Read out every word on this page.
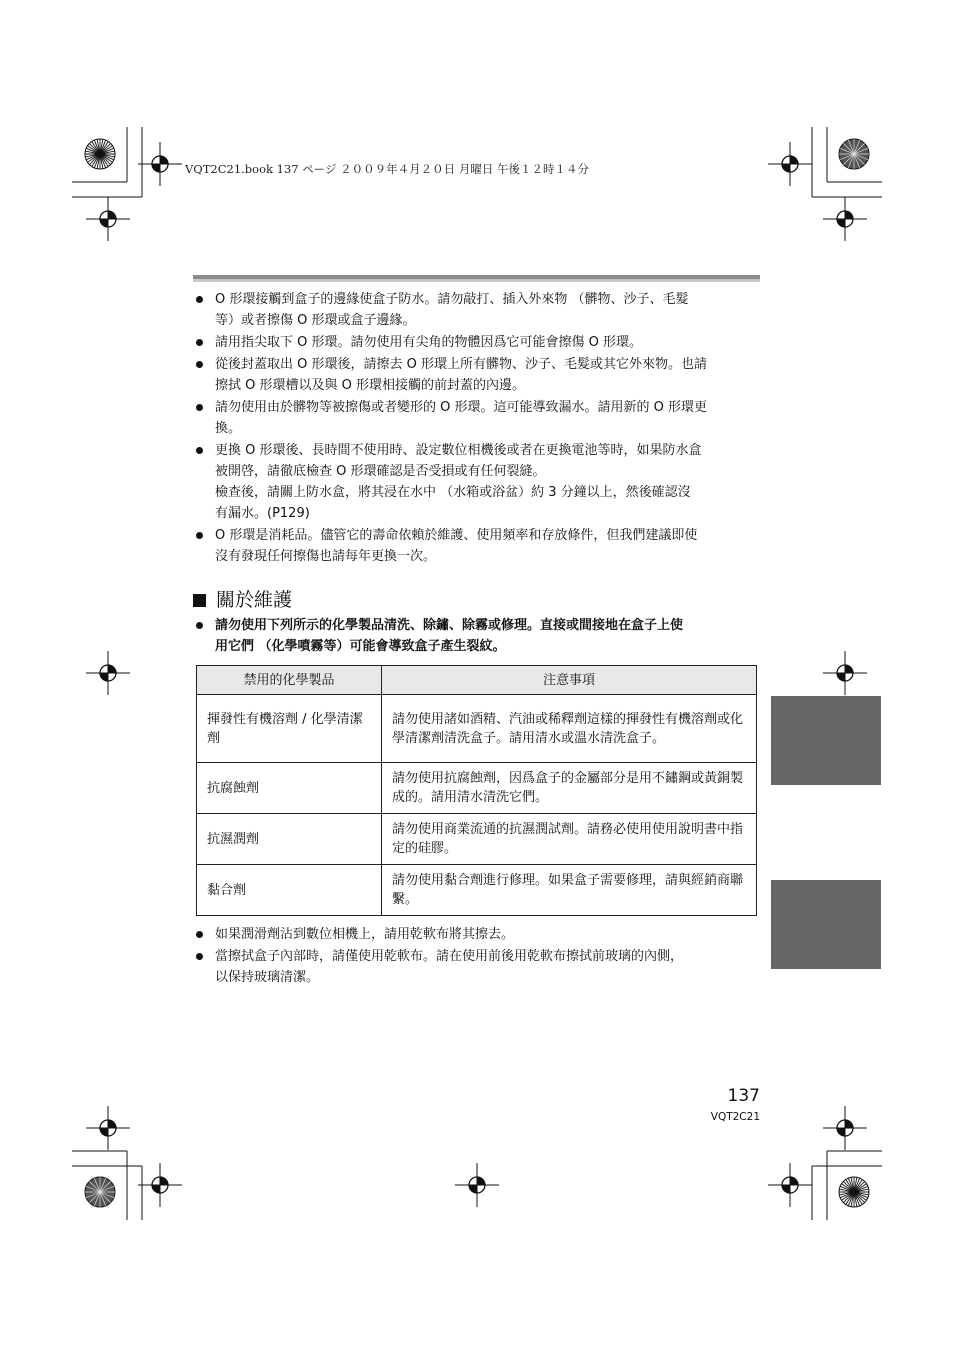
VQT2C21.book 137 ページ ２００９年４月２０日 月曜日 午後１２時１４分
O 形環接觸到盒子的邊緣使盒子防水。請勿敲打、插入外來物 （髒物、沙子、毛髮
等）或者擦傷 O 形環或盒子邊緣。
請用指尖取下 O 形環。請勿使用有尖角的物體因爲它可能會擦傷 O 形環。
從後封蓋取出 O 形環後，請擦去 O 形環上所有髒物、沙子、毛髮或其它外來物。也請
擦拭 O 形環槽以及與 O 形環相接觸的前封蓋的內邊。
請勿使用由於髒物等被擦傷或者變形的 O 形環。這可能導致漏水。請用新的 O 形環更
換。
更換 O 形環後、長時間不使用時、設定數位相機後或者在更換電池等時，如果防水盒
被開啓，請徹底檢查 O 形環確認是否受損或有任何裂縫。
檢查後，請關上防水盒，將其浸在水中 （水箱或浴盆）約 3 分鐘以上，然後確認沒
有漏水。(P129)
O 形環是消耗品。儘管它的壽命依賴於維護、使用頻率和存放條件，但我們建議即使
沒有發現任何擦傷也請每年更換一次。
關於維護
請勿使用下列所示的化學製品清洗、除鏽、除霧或修理。直接或間接地在盒子上使
用它們 （化學噴霧等）可能會導致盒子產生裂紋。
禁用的化學製品	注意事項
揮發性有機溶劑 / 化學清潔劑	請勿使用諸如酒精、汽油或稀釋劑這樣的揮發性有機溶劑或化學清潔劑清洗盒子。請用清水或溫水清洗盒子。
抗腐蝕劑	請勿使用抗腐蝕劑，因爲盒子的金屬部分是用不鏽鋼或黃銅製成的。請用清水清洗它們。
抗濕潤劑	請勿使用商業流通的抗濕潤試劑。請務必使用使用說明書中指定的硅膠。
黏合劑	請勿使用黏合劑進行修理。如果盒子需要修理，請與經銷商聯繫。
如果潤滑劑沾到數位相機上，請用乾軟布將其擦去。
當擦拭盒子內部時，請僅使用乾軟布。請在使用前後用乾軟布擦拭前玻璃的內側，
以保持玻璃清潔。
137
VQT2C21
